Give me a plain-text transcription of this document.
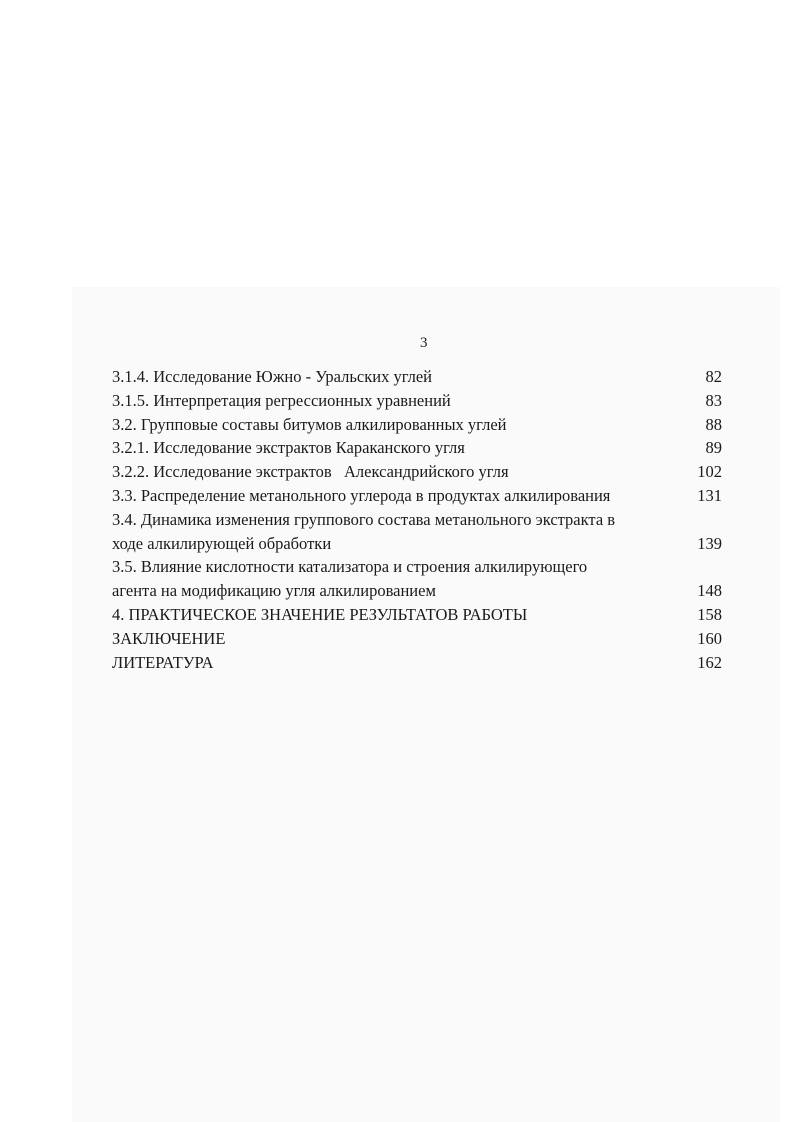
3
3.1.4. Исследование Южно - Уральских углей	82
3.1.5. Интерпретация регрессионных уравнений	83
3.2. Групповые составы битумов алкилированных углей	88
3.2.1. Исследование экстрактов Караканского угля	89
3.2.2. Исследование экстрактов   Александрийского угля	102
3.3. Распределение метанольного углерода в продуктах алкилирования	131
3.4. Динамика изменения группового состава метанольного экстракта в
ходе алкилирующей обработки	139
3.5. Влияние кислотности катализатора и строения алкилирующего
агента на модификацию угля алкилированием	148
4. ПРАКТИЧЕСКОЕ ЗНАЧЕНИЕ РЕЗУЛЬТАТОВ РАБОТЫ	158
ЗАКЛЮЧЕНИЕ	160
ЛИТЕРАТУРА	162
